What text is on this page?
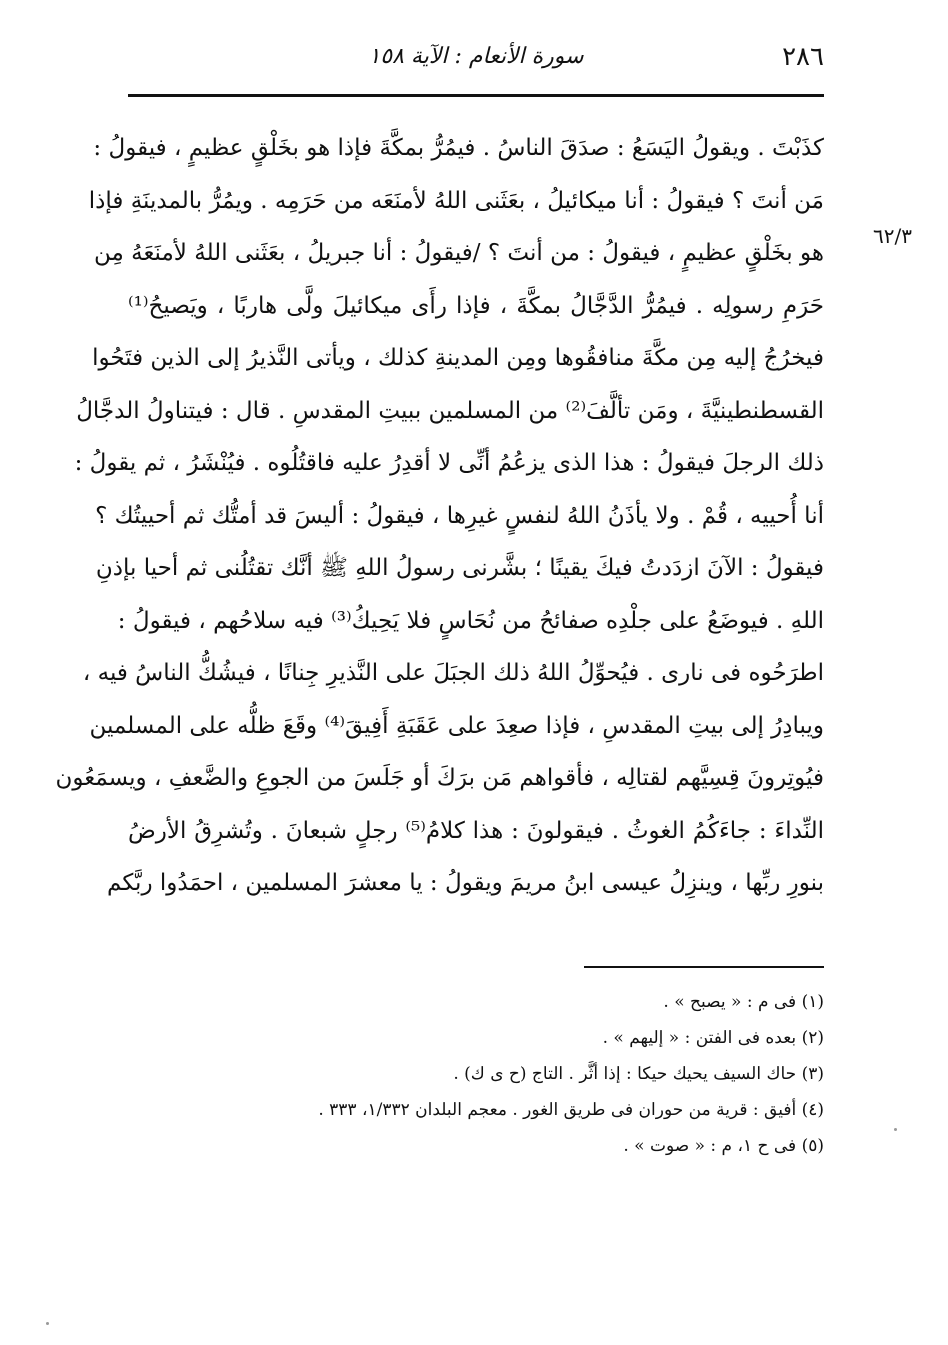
٢٨٦
سورة الأنعام : الآية ١٥٨
٦٢/٣
كذَبْتَ . ويقولُ اليَسَعُ : صدَقَ الناسُ . فيمُرُّ بمكَّةَ فإذا هو بخَلْقٍ عظيمٍ ، فيقولُ :
مَن أنتَ ؟ فيقولُ : أنا ميكائيلُ ، بعَثَنى اللهُ لأمنَعَه من حَرَمِه . ويمُرُّ بالمدينَةِ فإذا
هو بخَلْقٍ عظيمٍ ، فيقولُ : من أنتَ ؟ /فيقولُ : أنا جبريلُ ، بعَثَنى اللهُ لأمنَعَهُ مِن
حَرَمِ رسولِه . فيمُرُّ الدَّجَّالُ بمكَّةَ ، فإذا رأَى ميكائيلَ ولَّى هاربًا ، ويَصيحُ⁽¹⁾
فيخرُجُ إليه مِن مكَّةَ منافقُوها ومِن المدينةِ كذلك ، ويأتى النَّذيرُ إلى الذين فتَحُوا
القسطنطينيَّةَ ، ومَن تألَّفَ⁽²⁾ من المسلمين ببيتِ المقدسِ . قال : فيتناولُ الدجَّالُ
ذلك الرجلَ فيقولُ : هذا الذى يزعُمُ أنِّى لا أقدِرُ عليه فاقتُلُوه . فيُنْشَرُ ، ثم يقولُ :
أنا أُحييه ، قُمْ . ولا يأذَنُ اللهُ لنفسٍ غيرِها ، فيقولُ : أليسَ قد أمتُّك ثم أحييتُك ؟
فيقولُ : الآنَ ازدَدتُ فيكَ يقينًا ؛ بشَّرنى رسولُ اللهِ ﷺ أنَّك تقتُلُنى ثم أحيا بإذنِ
اللهِ . فيوضَعُ على جلْدِه صفائحُ من نُحَاسٍ فلا يَحِيكُ⁽³⁾ فيه سلاحُهم ، فيقولُ :
اطرَحُوه فى نارى . فيُحوِّلُ اللهُ ذلك الجبَلَ على النَّذيرِ جِنانًا ، فيشُكُّ الناسُ فيه ،
ويبادِرُ إلى بيتِ المقدسِ ، فإذا صعِدَ على عَقَبَةِ أَفِيقَ⁽⁴⁾ وقَعَ ظلُّه على المسلمين
فيُوتِرونَ قِسِيَّهم لقتالِه ، فأقواهم مَن برَكَ أو جَلَسَ من الجوعِ والضَّعفِ ، ويسمَعُون
النِّداءَ : جاءَكُمُ الغوثُ . فيقولونَ : هذا كلامُ⁽⁵⁾ رجلٍ شبعانَ . وتُشرِقُ الأرضُ
بنورِ ربِّها ، وينزِلُ عيسى ابنُ مريمَ ويقولُ : يا معشرَ المسلمين ، احمَدُوا ربَّكم
(١) فى م : « يصبح » .
(٢) بعده فى الفتن : « إليهم » .
(٣) حاك السيف يحيك حيكا : إذا أثَّر . التاج (ح ى ك) .
(٤) أفيق : قرية من حوران فى طريق الغور . معجم البلدان ١/٣٣٢، ٣٣٣ .
(٥) فى ح ١، م : « صوت » .
